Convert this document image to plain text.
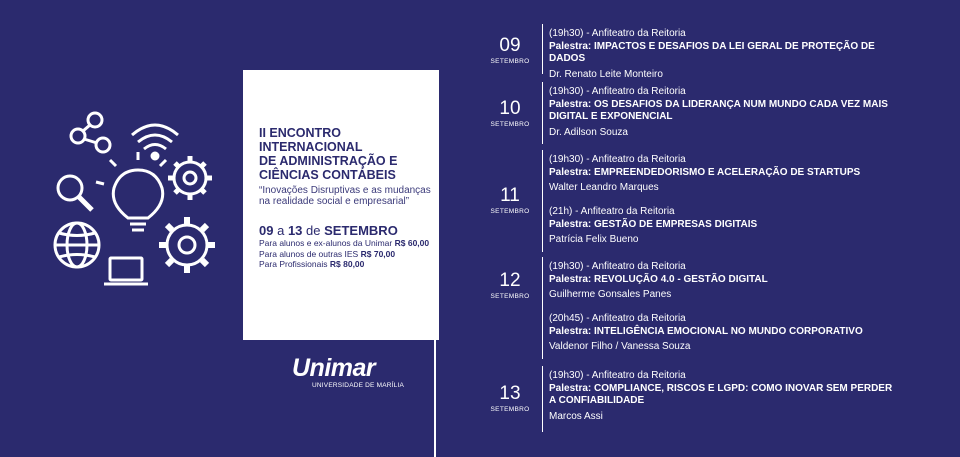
II ENCONTRO INTERNACIONAL
DE ADMINISTRAÇÃO E
CIÊNCIAS CONTÁBEIS

“Inovações Disruptivas e as mudanças
na realidade social e empresarial”
09 a 13 de SETEMBRO
Para alunos e ex-alunos da Unimar R$ 60,00
Para alunos de outras IES R$ 70,00
Para Profissionais R$ 80,00
Unimar
UNIVERSIDADE DE MARÍLIA
09
SETEMBRO
(19h30) - Anfiteatro da Reitoria
Palestra: IMPACTOS E DESAFIOS DA LEI GERAL DE PROTEÇÃO DE DADOS
Dr. Renato Leite Monteiro
10
SETEMBRO
(19h30) - Anfiteatro da Reitoria
Palestra: OS DESAFIOS DA LIDERANÇA NUM MUNDO CADA VEZ MAIS
DIGITAL E EXPONENCIAL
Dr. Adilson Souza
11
SETEMBRO
(19h30) - Anfiteatro da Reitoria
Palestra: EMPREENDEDORISMO E ACELERAÇÃO DE STARTUPS
Walter Leandro Marques
(21h) - Anfiteatro da Reitoria
Palestra: GESTÃO DE EMPRESAS DIGITAIS
Patrícia Felix Bueno
12
SETEMBRO
(19h30) - Anfiteatro da Reitoria
Palestra: REVOLUÇÃO 4.0 - GESTÃO DIGITAL
Guilherme Gonsales Panes
(20h45) - Anfiteatro da Reitoria
Palestra: INTELIGÊNCIA EMOCIONAL NO MUNDO CORPORATIVO
Valdenor Filho / Vanessa Souza
13
SETEMBRO
(19h30) - Anfiteatro da Reitoria
Palestra: COMPLIANCE, RISCOS E LGPD: COMO INOVAR SEM PERDER
A CONFIABILIDADE
Marcos Assi
